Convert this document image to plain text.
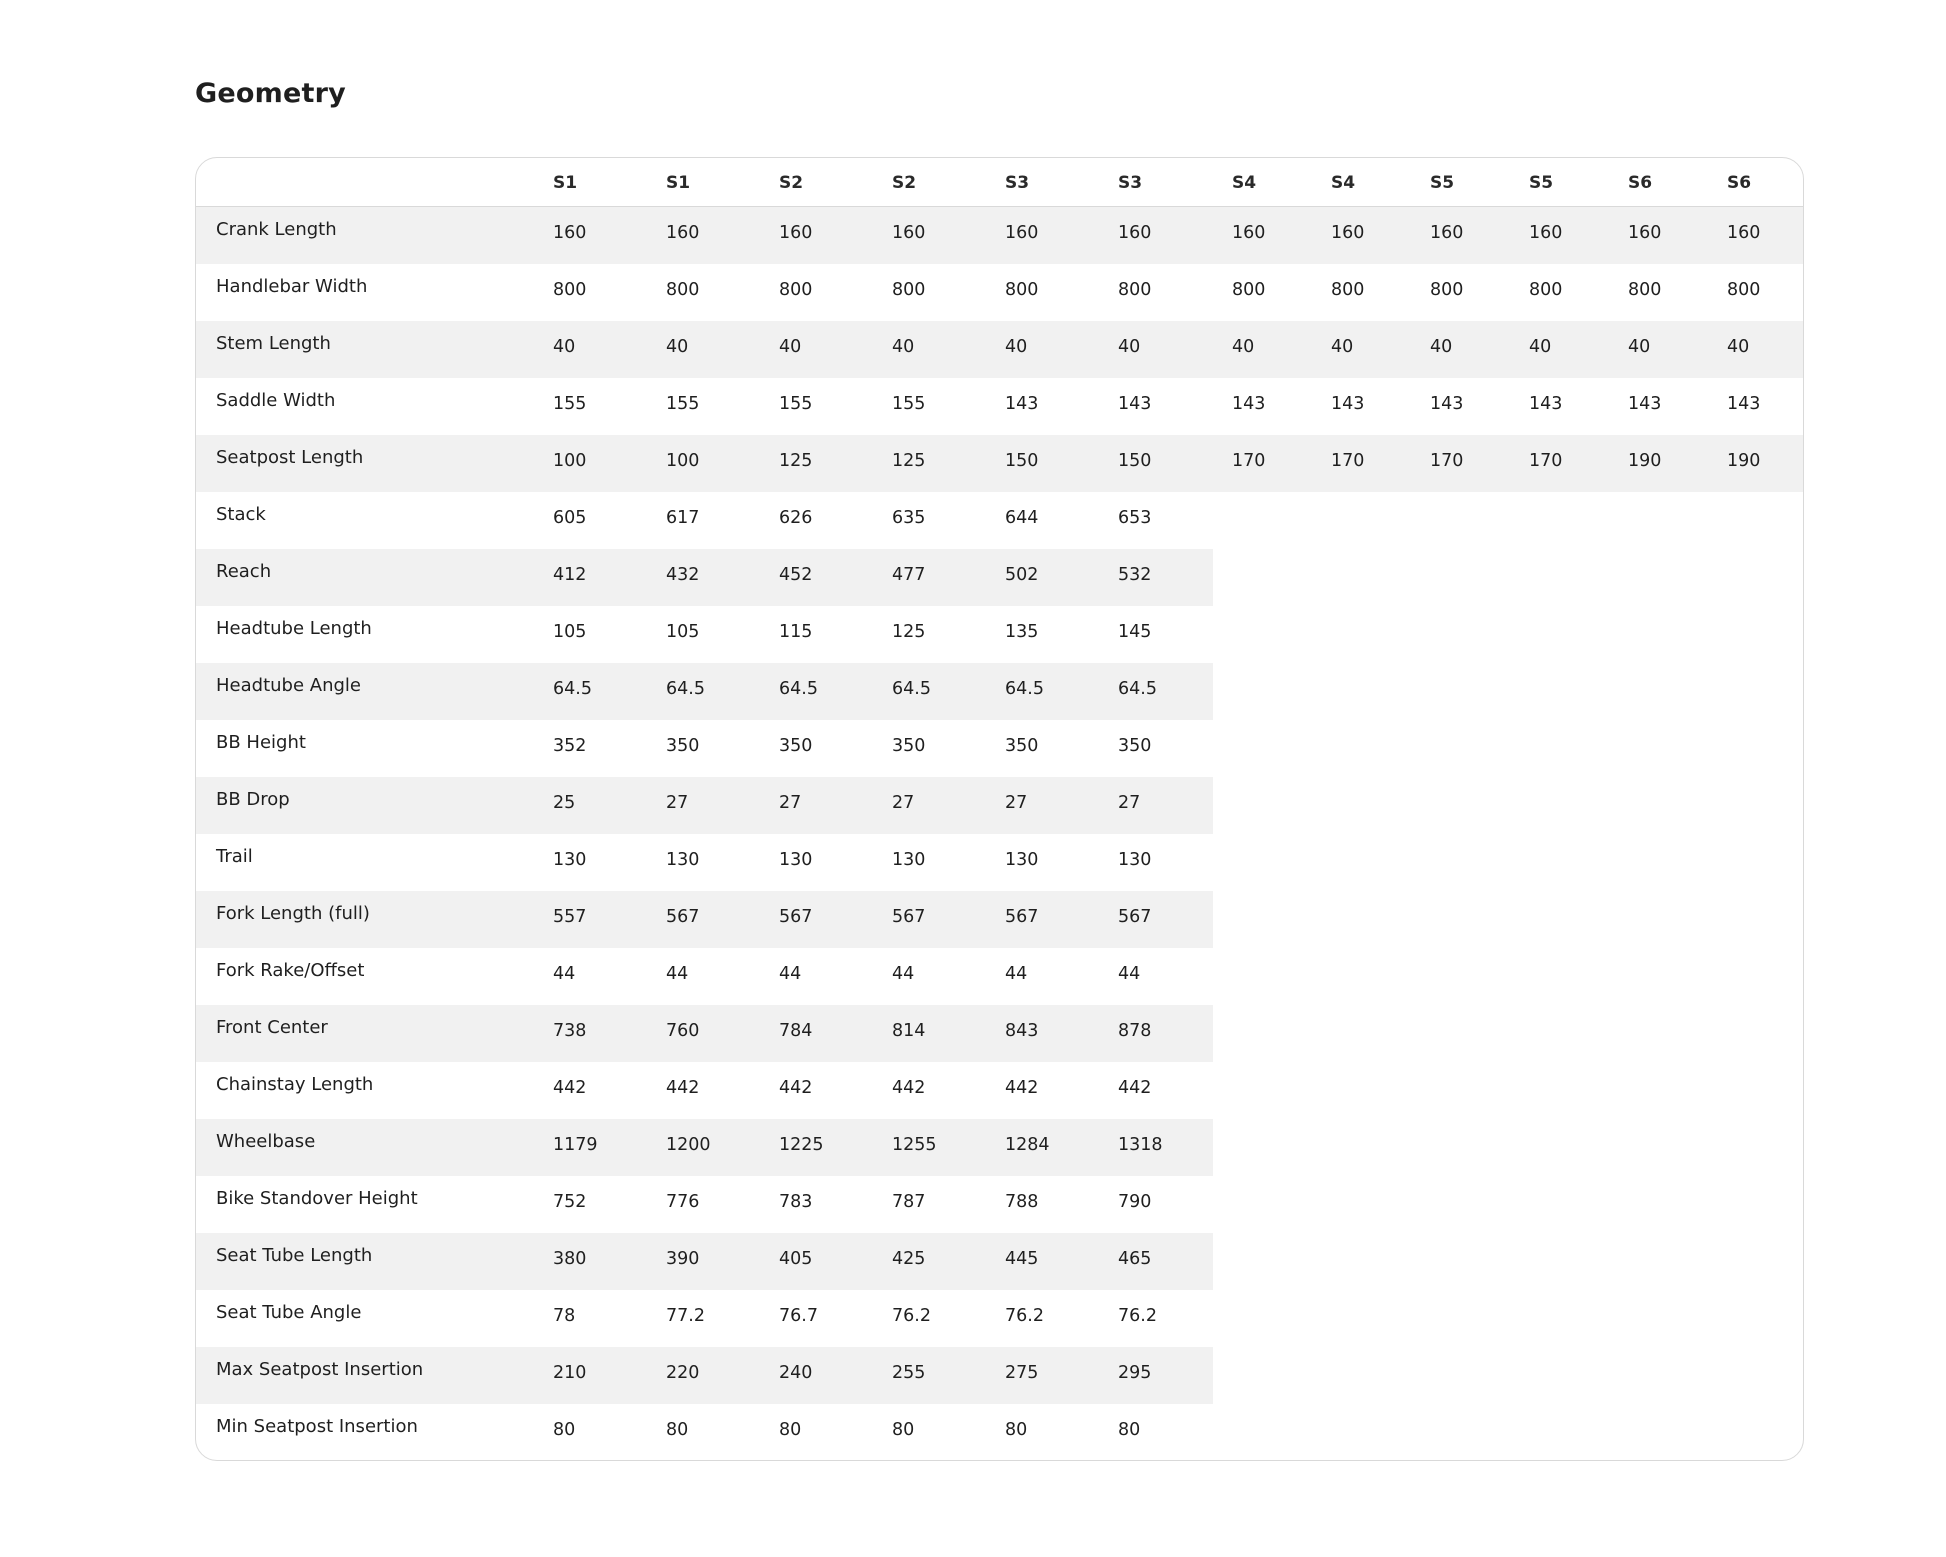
Geometry
S1	S1	S2	S2	S3	S3	S4	S4	S5	S5	S6	S6
Crank Length	160	160	160	160	160	160	160	160	160	160	160	160
Handlebar Width	800	800	800	800	800	800	800	800	800	800	800	800
Stem Length	40	40	40	40	40	40	40	40	40	40	40	40
Saddle Width	155	155	155	155	143	143	143	143	143	143	143	143
Seatpost Length	100	100	125	125	150	150	170	170	170	170	190	190
Stack	605	617	626	635	644	653
Reach	412	432	452	477	502	532
Headtube Length	105	105	115	125	135	145
Headtube Angle	64.5	64.5	64.5	64.5	64.5	64.5
BB Height	352	350	350	350	350	350
BB Drop	25	27	27	27	27	27
Trail	130	130	130	130	130	130
Fork Length (full)	557	567	567	567	567	567
Fork Rake/Offset	44	44	44	44	44	44
Front Center	738	760	784	814	843	878
Chainstay Length	442	442	442	442	442	442
Wheelbase	1179	1200	1225	1255	1284	1318
Bike Standover Height	752	776	783	787	788	790
Seat Tube Length	380	390	405	425	445	465
Seat Tube Angle	78	77.2	76.7	76.2	76.2	76.2
Max Seatpost Insertion	210	220	240	255	275	295
Min Seatpost Insertion	80	80	80	80	80	80
